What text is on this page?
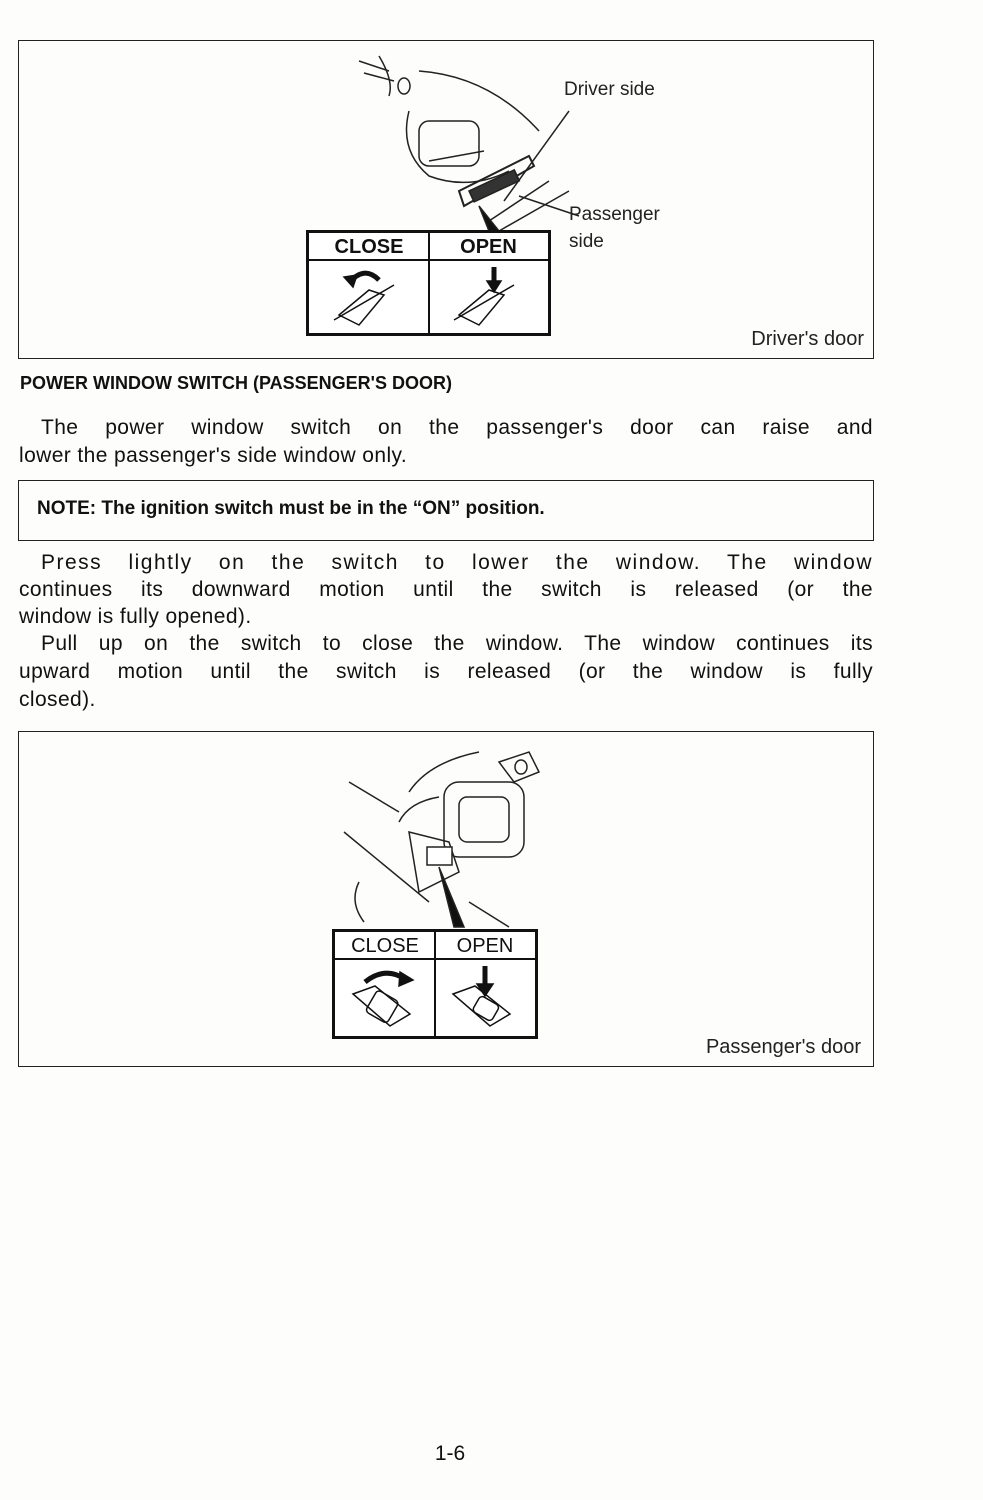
Driver side
Passenger
side
CLOSE	OPEN
Driver's door
POWER WINDOW SWITCH (PASSENGER'S DOOR)
The power window switch on the passenger's door can raise and
lower the passenger's side window only.
NOTE: The ignition switch must be in the “ON” position.
Press lightly on the switch to lower the window. The window
continues its downward motion until the switch is released (or the
window is fully opened).
Pull up on the switch to close the window. The window continues its
upward motion until the switch is released (or the window is fully
closed).
CLOSE	OPEN
Passenger's door
1-6
